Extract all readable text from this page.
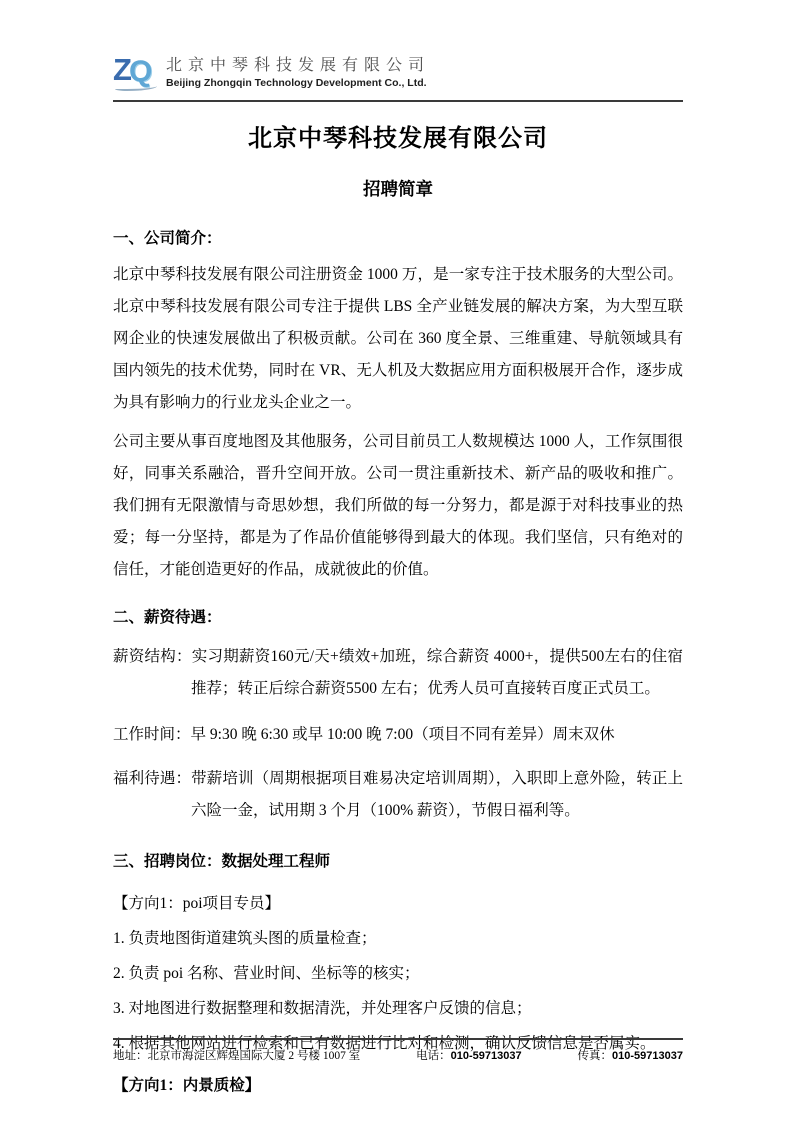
Z Q 北京中琴科技发展有限公司
Beijing Zhongqin Technology Development Co., Ltd.
北京中琴科技发展有限公司
招聘简章
一、公司简介：

北京中琴科技发展有限公司注册资金 1000 万，是一家专注于技术服务的大型公司。北京中琴科技发展有限公司专注于提供 LBS 全产业链发展的解决方案，为大型互联网企业的快速发展做出了积极贡献。公司在 360 度全景、三维重建、导航领域具有国内领先的技术优势，同时在 VR、无人机及大数据应用方面积极展开合作，逐步成为具有影响力的行业龙头企业之一。

公司主要从事百度地图及其他服务，公司目前员工人数规模达 1000 人，工作氛围很好，同事关系融洽，晋升空间开放。公司一贯注重新技术、新产品的吸收和推广。我们拥有无限激情与奇思妙想，我们所做的每一分努力，都是源于对科技事业的热爱；每一分坚持，都是为了作品价值能够得到最大的体现。我们坚信，只有绝对的信任，才能创造更好的作品，成就彼此的价值。

二、薪资待遇：

薪资结构：实习期薪资160元/天+绩效+加班，综合薪资 4000+，提供500左右的住宿推荐；转正后综合薪资5500 左右；优秀人员可直接转百度正式员工。

工作时间：早 9:30 晚 6:30 或早 10:00 晚 7:00（项目不同有差异）周末双休

福利待遇：带薪培训（周期根据项目难易决定培训周期），入职即上意外险，转正上六险一金，试用期 3 个月（100% 薪资），节假日福利等。

三、招聘岗位：数据处理工程师
【方向1：poi项目专员】
1. 负责地图街道建筑头图的质量检查；
2. 负责 poi 名称、营业时间、坐标等的核实；
3. 对地图进行数据整理和数据清洗，并处理客户反馈的信息；
4. 根据其他网站进行检索和已有数据进行比对和检测，确认反馈信息是否属实。
【方向1：内景质检】
地址：北京市海淀区辉煌国际大厦 2 号楼 1007 室	电话：010-59713037	传真：010-59713037
